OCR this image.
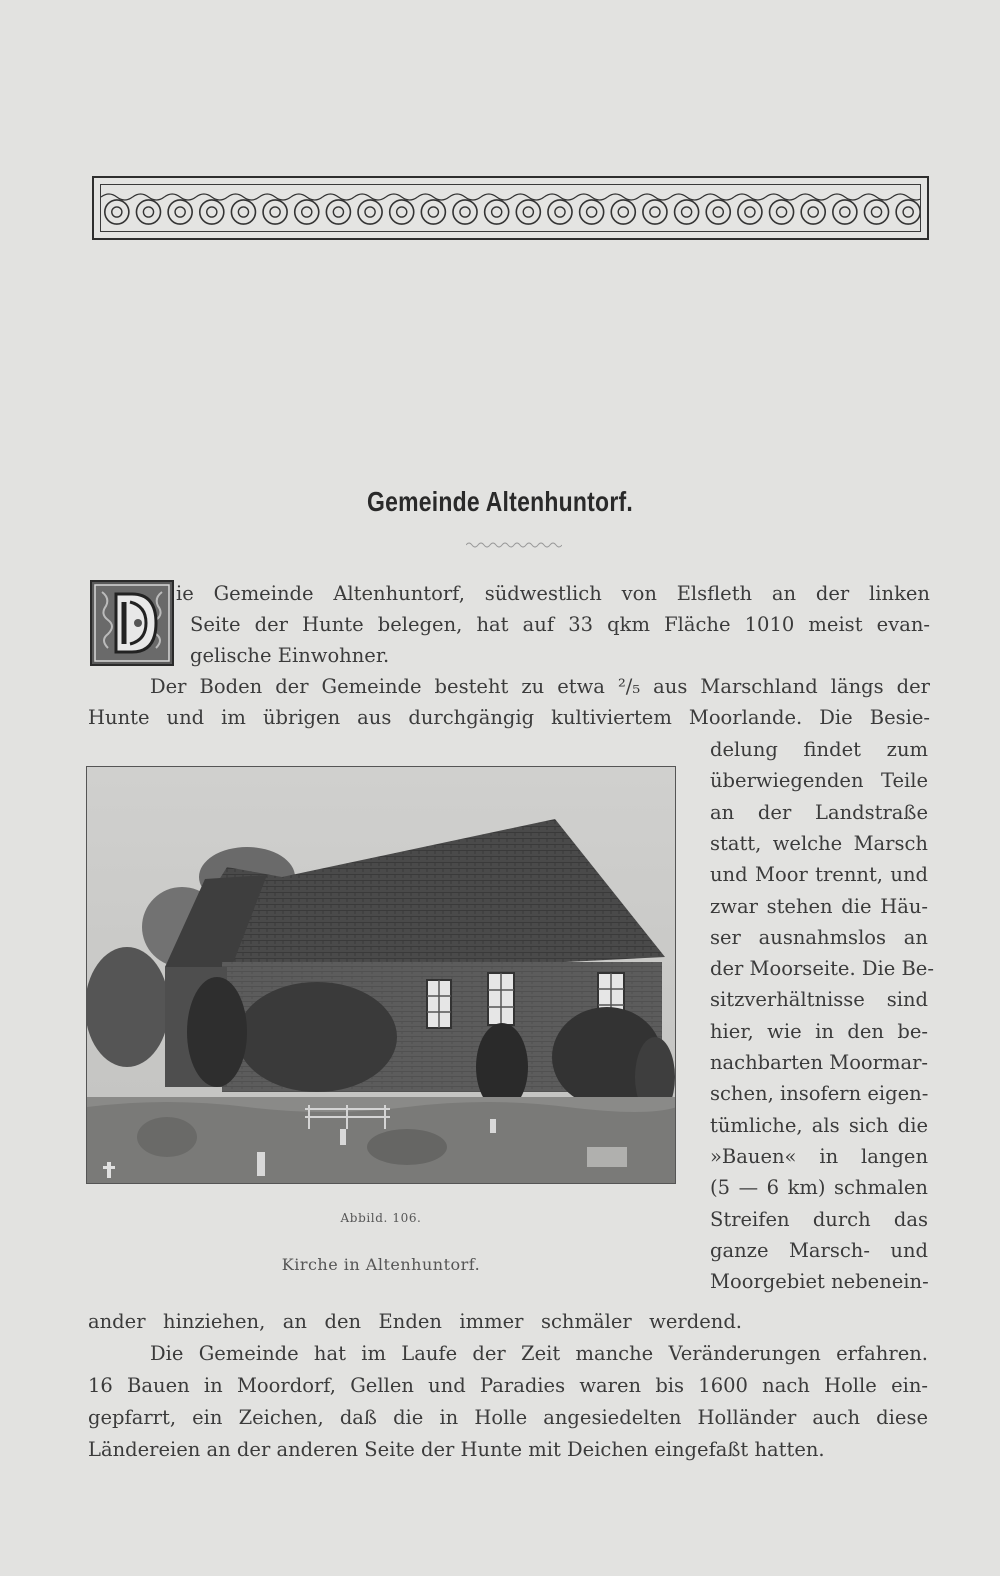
Gemeinde Altenhuntorf.
ie Gemeinde Altenhuntorf, südwestlich von Elsfleth an der linken
Seite der Hunte belegen, hat auf 33 qkm Fläche 1010 meist evan-
gelische Einwohner.
Der Boden der Gemeinde besteht zu etwa ²/₅ aus Marschland längs der
Hunte und im übrigen aus durchgängig kultiviertem Moorlande. Die Besie-
delung findet zum
überwiegenden Teile
an der Landstraße
statt, welche Marsch
und Moor trennt, und
zwar stehen die Häu-
ser ausnahmslos an
der Moorseite. Die Be-
sitzverhältnisse sind
hier, wie in den be-
nachbarten Moormar-
schen, insofern eigen-
tümliche, als sich die
»Bauen« in langen
(5 — 6 km) schmalen
Streifen durch das
ganze Marsch- und
Moorgebiet nebenein-
ander hinziehen, an den Enden immer schmäler werdend.
Die Gemeinde hat im Laufe der Zeit manche Veränderungen erfahren.
16 Bauen in Moordorf, Gellen und Paradies waren bis 1600 nach Holle ein-
gepfarrt, ein Zeichen, daß die in Holle angesiedelten Holländer auch diese
Ländereien an der anderen Seite der Hunte mit Deichen eingefaßt hatten.
Abbild. 106.
Kirche in Altenhuntorf.
